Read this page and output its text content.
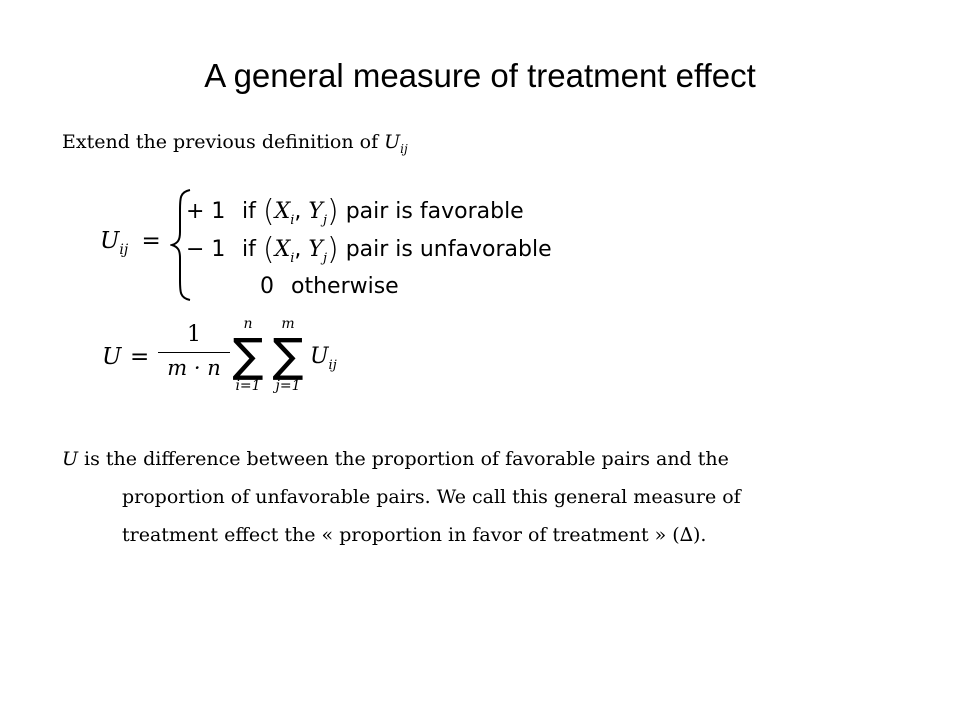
A general measure of treatment effect
Extend the previous definition of $U_{ij}$
$U_{ij}$ =
+ 1 if ($X_i$, $Y_j$) pair is favorable
− 1 if ($X_i$, $Y_j$) pair is unfavorable
0 otherwise
U =
1
m · n
n
∑
i=1
m
∑
j=1
$U_{ij}$
U is the difference between the proportion of favorable pairs and the
proportion of unfavorable pairs. We call this general measure of
treatment effect the « proportion in favor of treatment » (∆).
